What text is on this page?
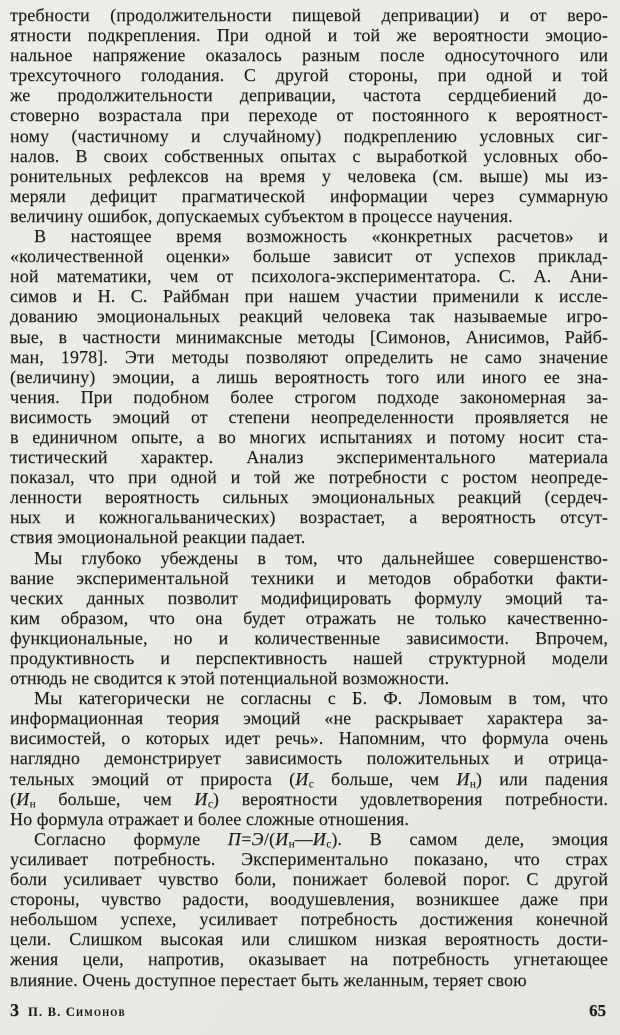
требности (продолжительности пищевой депривации) и от веро-
ятности подкрепления. При одной и той же вероятности эмоцио-
нальное напряжение оказалось разным после односуточного или
трехсуточного голодания. С другой стороны, при одной и той
же продолжительности депривации, частота сердцебиений до-
стоверно возрастала при переходе от постоянного к вероятност-
ному (частичному и случайному) подкреплению условных сиг-
налов. В своих собственных опытах с выработкой условных обо-
ронительных рефлексов на время у человека (см. выше) мы из-
меряли дефицит прагматической информации через суммарную
величину ошибок, допускаемых субъектом в процессе научения.
В настоящее время возможность «конкретных расчетов» и
«количественной оценки» больше зависит от успехов приклад-
ной математики, чем от психолога-экспериментатора. С. А. Ани-
симов и Н. С. Райбман при нашем участии применили к иссле-
дованию эмоциональных реакций человека так называемые игро-
вые, в частности минимаксные методы [Симонов, Анисимов, Райб-
ман, 1978]. Эти методы позволяют определить не само значение
(величину) эмоции, а лишь вероятность того или иного ее зна-
чения. При подобном более строгом подходе закономерная за-
висимость эмоций от степени неопределенности проявляется не
в единичном опыте, а во многих испытаниях и потому носит ста-
тистический характер. Анализ экспериментального материала
показал, что при одной и той же потребности с ростом неопреде-
ленности вероятность сильных эмоциональных реакций (сердеч-
ных и кожногальванических) возрастает, а вероятность отсут-
ствия эмоциональной реакции падает.
Мы глубоко убеждены в том, что дальнейшее совершенство-
вание экспериментальной техники и методов обработки факти-
ческих данных позволит модифицировать формулу эмоций та-
ким образом, что она будет отражать не только качественно-
функциональные, но и количественные зависимости. Впрочем,
продуктивность и перспективность нашей структурной модели
отнюдь не сводится к этой потенциальной возможности.
Мы категорически не согласны с Б. Ф. Ломовым в том, что
информационная теория эмоций «не раскрывает характера за-
висимостей, о которых идет речь». Напомним, что формула очень
наглядно демонстрирует зависимость положительных и отрица-
тельных эмоций от прироста ($И_с$ больше, чем $И_н$) или падения
($И_н$ больше, чем $И_с$) вероятности удовлетворения потребности.
Но формула отражает и более сложные отношения.
Согласно формуле $П=Э/(И_н—И_с)$. В самом деле, эмоция
усиливает потребность. Экспериментально показано, что страх
боли усиливает чувство боли, понижает болевой порог. С другой
стороны, чувство радости, воодушевления, возникшее даже при
небольшом успехе, усиливает потребность достижения конечной
цели. Слишком высокая или слишком низкая вероятность дости-
жения цели, напротив, оказывает на потребность угнетающее
влияние. Очень доступное перестает быть желанным, теряет свою
3 П. В. Симонов	65
